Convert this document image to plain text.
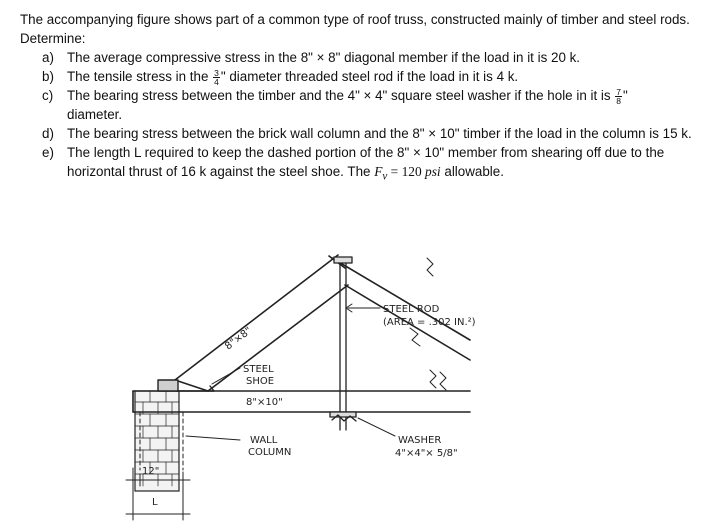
The accompanying figure shows part of a common type of roof truss, constructed mainly of timber and steel rods. Determine:

a) The average compressive stress in the 8" × 8" diagonal member if the load in it is 20 k.
b) The tensile stress in the $\frac{3}{4}$ " diameter threaded steel rod if the load in it is 4 k.
c) The bearing stress between the timber and the 4" × 4" square steel washer if the hole in it is $\frac{7}{8}$ "
diameter.
d) The bearing stress between the brick wall column and the 8" × 10" timber if the load in the column is 15 k.
e) The length L required to keep the dashed portion of the 8" × 10" member from shearing off due to the horizontal thrust of 16 k against the steel shoe. The $F_v = 120$ psi allowable.
8"×8"
STEEL ROD
(AREA = .302 IN.²)
STEEL
SHOE
8"×10"
WALL
COLUMN
WASHER
4"×4"× 5/8"
12"
L
